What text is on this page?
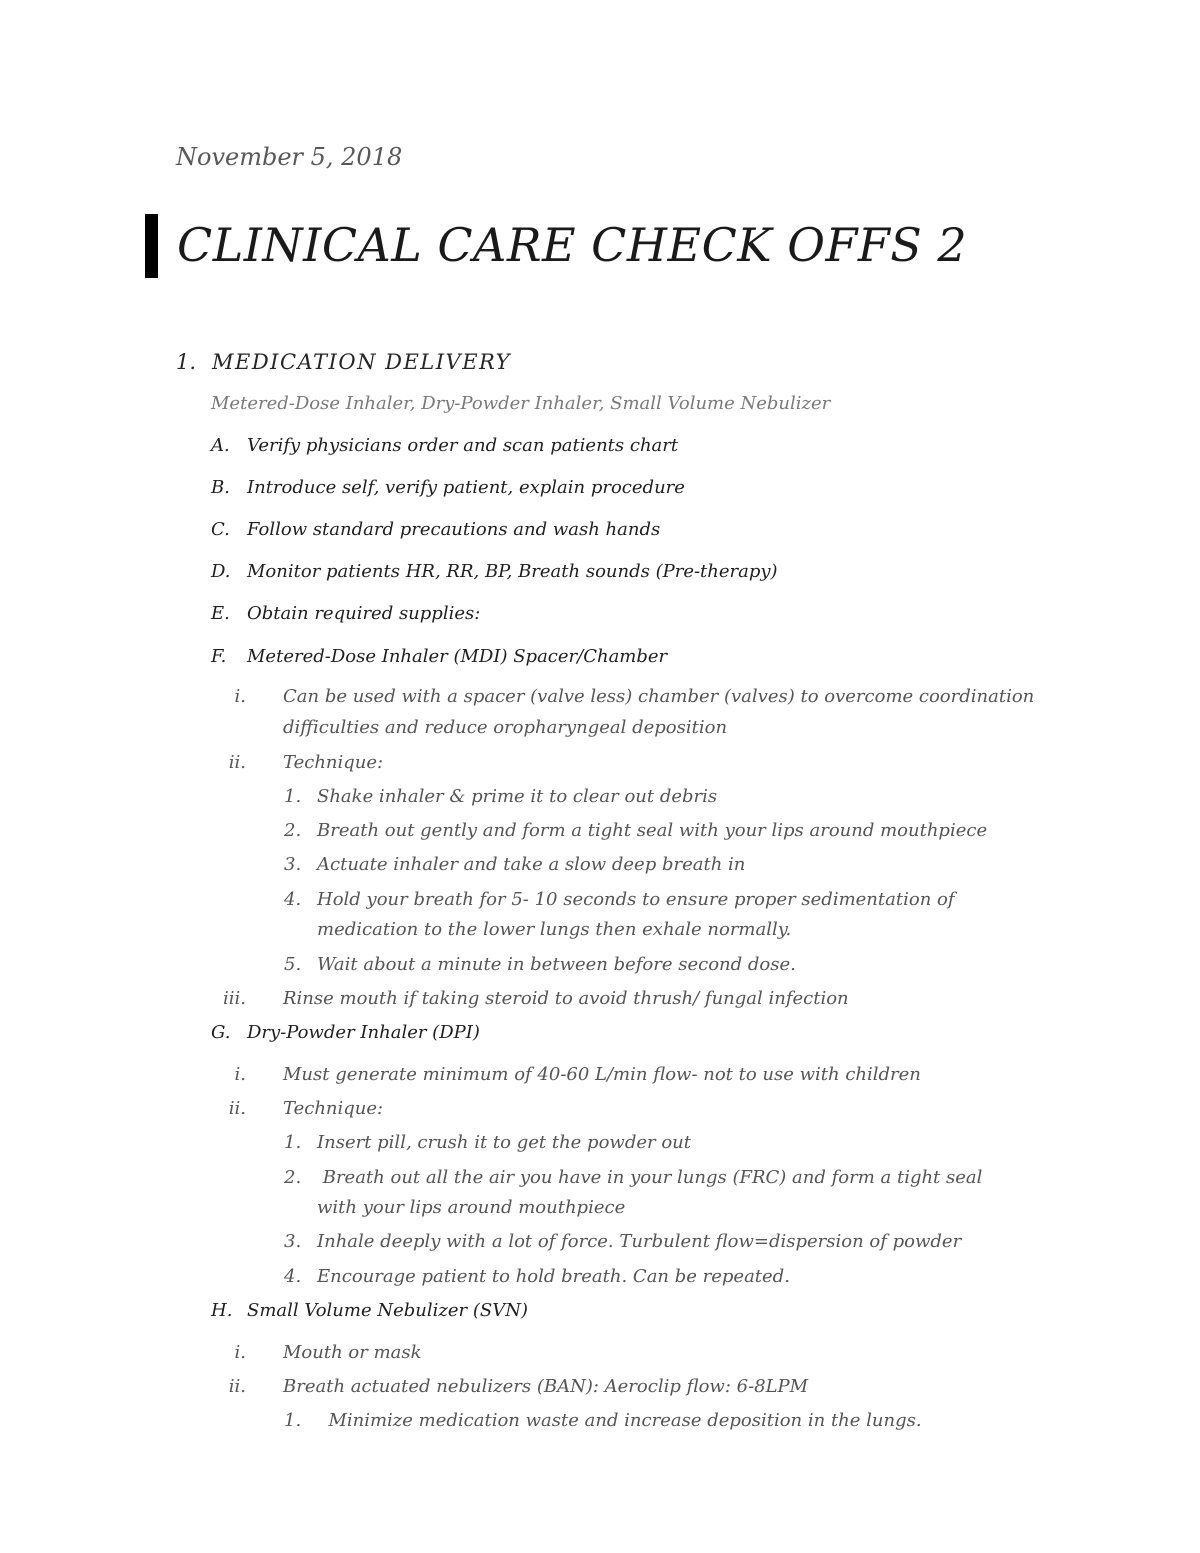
November 5, 2018
CLINICAL CARE CHECK OFFS 2
1. MEDICATION DELIVERY
Metered-Dose Inhaler, Dry-Powder Inhaler, Small Volume Nebulizer
A. Verify physicians order and scan patients chart
B. Introduce self, verify patient, explain procedure
C. Follow standard precautions and wash hands
D. Monitor patients HR, RR, BP, Breath sounds (Pre-therapy)
E. Obtain required supplies:
F. Metered-Dose Inhaler (MDI) Spacer/Chamber
i. Can be used with a spacer (valve less) chamber (valves) to overcome coordination
difficulties and reduce oropharyngeal deposition
ii. Technique:
1. Shake inhaler & prime it to clear out debris
2. Breath out gently and form a tight seal with your lips around mouthpiece
3. Actuate inhaler and take a slow deep breath in
4. Hold your breath for 5- 10 seconds to ensure proper sedimentation of
medication to the lower lungs then exhale normally.
5. Wait about a minute in between before second dose.
iii. Rinse mouth if taking steroid to avoid thrush/ fungal infection
G. Dry-Powder Inhaler (DPI)
i. Must generate minimum of 40-60 L/min flow- not to use with children
ii. Technique:
1. Insert pill, crush it to get the powder out
2. Breath out all the air you have in your lungs (FRC) and form a tight seal
with your lips around mouthpiece
3. Inhale deeply with a lot of force. Turbulent flow=dispersion of powder
4. Encourage patient to hold breath. Can be repeated.
H. Small Volume Nebulizer (SVN)
i. Mouth or mask
ii. Breath actuated nebulizers (BAN): Aeroclip flow: 6-8LPM
1. Minimize medication waste and increase deposition in the lungs.
